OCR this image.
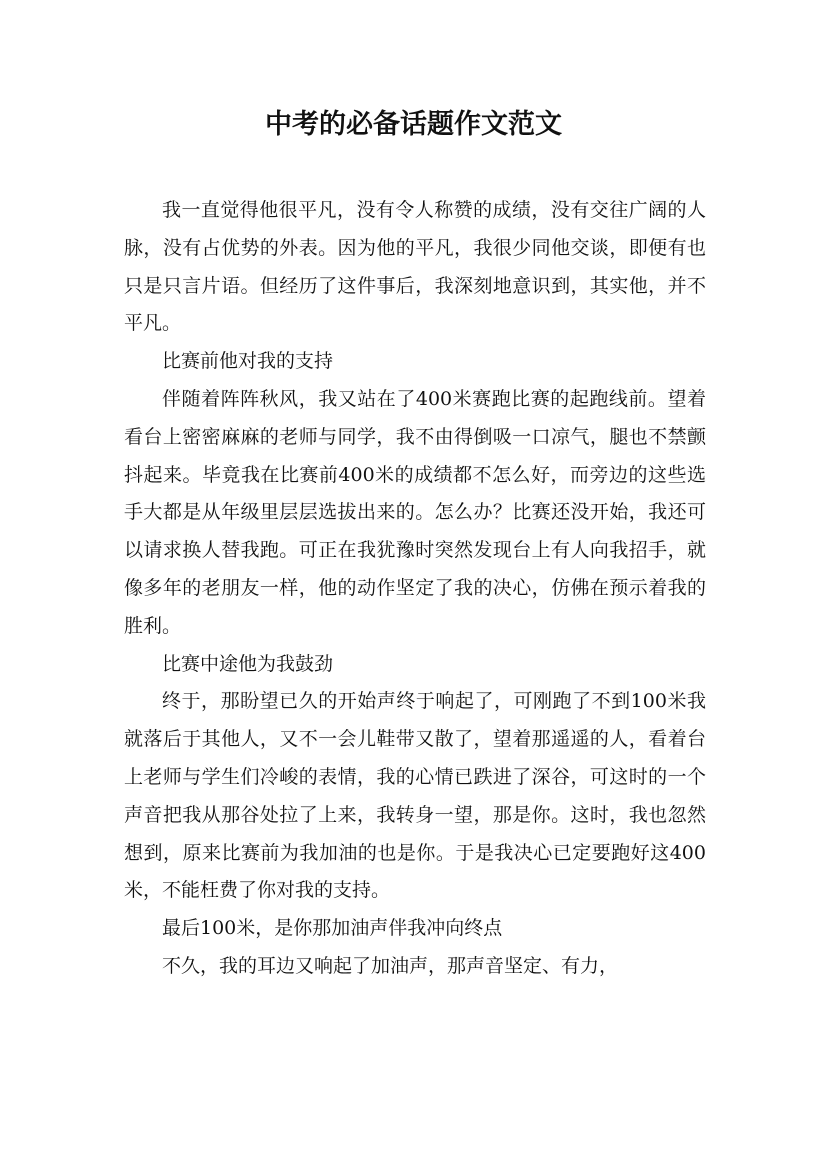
中考的必备话题作文范文

我一直觉得他很平凡，没有令人称赞的成绩，没有交往广阔的人脉，没有占优势的外表。因为他的平凡，我很少同他交谈，即便有也只是只言片语。但经历了这件事后，我深刻地意识到，其实他，并不平凡。

比赛前他对我的支持

伴随着阵阵秋风，我又站在了400米赛跑比赛的起跑线前。望着看台上密密麻麻的老师与同学，我不由得倒吸一口凉气，腿也不禁颤抖起来。毕竟我在比赛前400米的成绩都不怎么好，而旁边的这些选手大都是从年级里层层选拔出来的。怎么办？比赛还没开始，我还可以请求换人替我跑。可正在我犹豫时突然发现台上有人向我招手，就像多年的老朋友一样，他的动作坚定了我的决心，仿佛在预示着我的胜利。

比赛中途他为我鼓劲

终于，那盼望已久的开始声终于响起了，可刚跑了不到100米我就落后于其他人，又不一会儿鞋带又散了，望着那遥遥的人，看着台上老师与学生们冷峻的表情，我的心情已跌进了深谷，可这时的一个声音把我从那谷处拉了上来，我转身一望，那是你。这时，我也忽然想到，原来比赛前为我加油的也是你。于是我决心已定要跑好这400米，不能枉费了你对我的支持。

最后100米，是你那加油声伴我冲向终点

不久，我的耳边又响起了加油声，那声音坚定、有力，
